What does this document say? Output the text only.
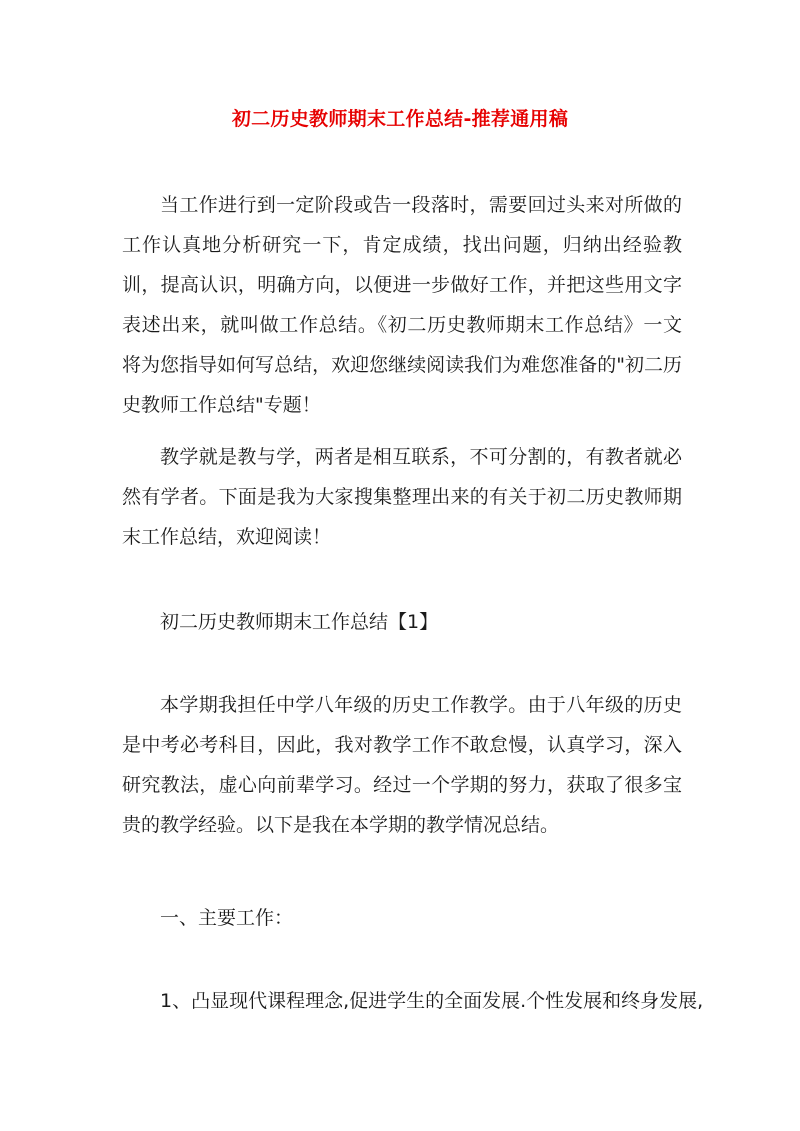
初二历史教师期末工作总结-推荐通用稿

当工作进行到一定阶段或告一段落时，需要回过头来对所做的工作认真地分析研究一下，肯定成绩，找出问题，归纳出经验教训，提高认识，明确方向，以便进一步做好工作，并把这些用文字表述出来，就叫做工作总结。《初二历史教师期末工作总结》一文将为您指导如何写总结，欢迎您继续阅读我们为难您准备的"初二历史教师工作总结"专题！

教学就是教与学，两者是相互联系，不可分割的，有教者就必然有学者。下面是我为大家搜集整理出来的有关于初二历史教师期末工作总结，欢迎阅读！

初二历史教师期末工作总结【1】

本学期我担任中学八年级的历史工作教学。由于八年级的历史是中考必考科目，因此，我对教学工作不敢怠慢，认真学习，深入研究教法，虚心向前辈学习。经过一个学期的努力，获取了很多宝贵的教学经验。以下是我在本学期的教学情况总结。

一、主要工作：

1、凸显现代课程理念,促进学生的全面发展.个性发展和终身发展,
